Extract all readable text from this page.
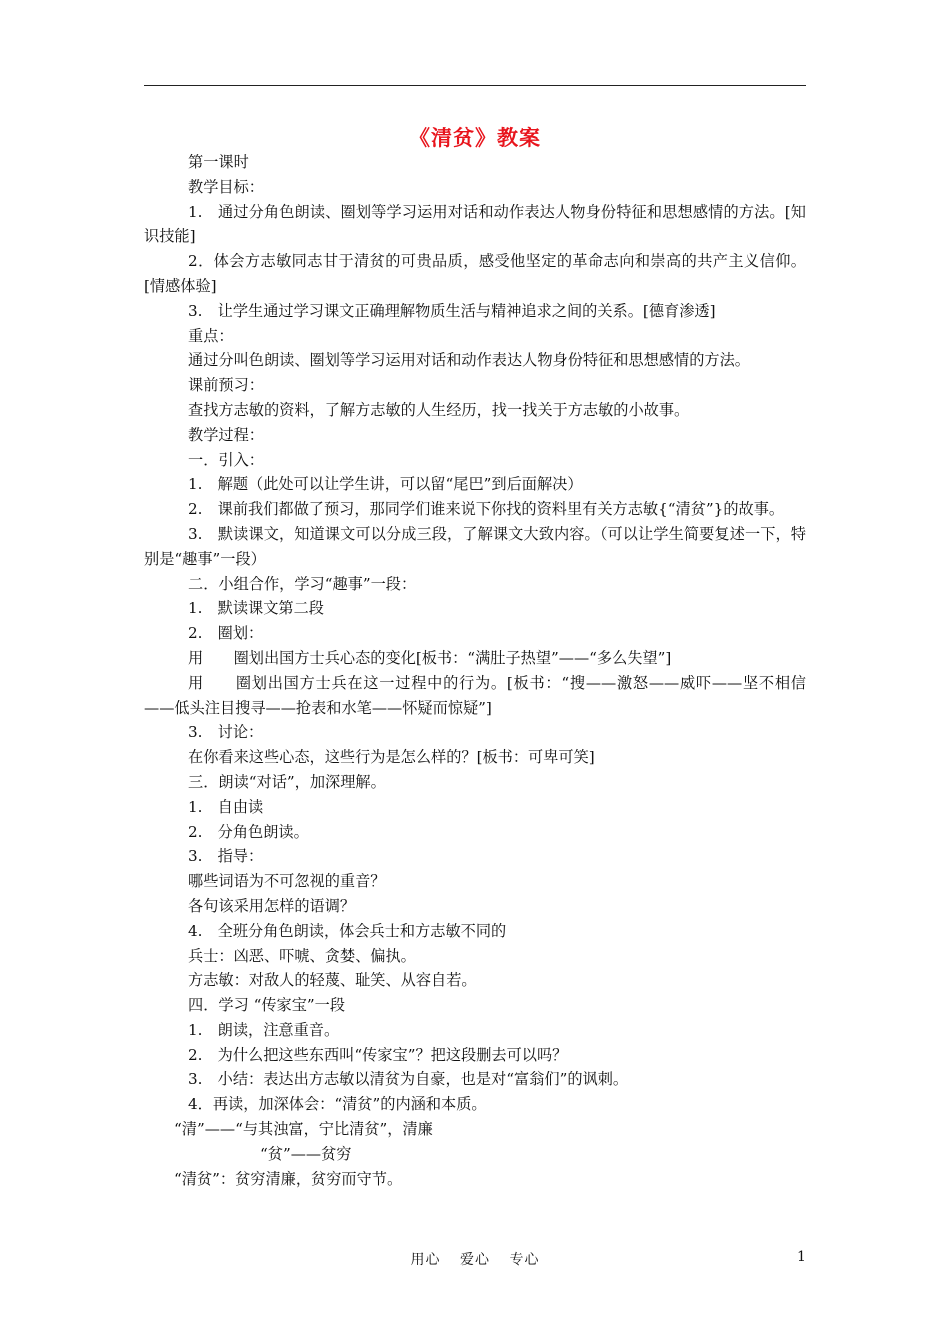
《清贫》教案

第一课时

教学目标：

1.　通过分角色朗读、圈划等学习运用对话和动作表达人物身份特征和思想感情的方法。[知识技能]

2．体会方志敏同志甘于清贫的可贵品质，感受他坚定的革命志向和崇高的共产主义信仰。[情感体验]

3.　让学生通过学习课文正确理解物质生活与精神追求之间的关系。[德育渗透]

重点：

通过分叫色朗读、圈划等学习运用对话和动作表达人物身份特征和思想感情的方法。

课前预习：

查找方志敏的资料，了解方志敏的人生经历，找一找关于方志敏的小故事。

教学过程：

一．引入：

1.　解题（此处可以让学生讲，可以留“尾巴”到后面解决）

2.　课前我们都做了预习，那同学们谁来说下你找的资料里有关方志敏{“清贫”}的故事。

3.　默读课文，知道课文可以分成三段，了解课文大致内容。（可以让学生简要复述一下，特别是“趣事”一段）

二．小组合作，学习“趣事”一段：

1.　默读课文第二段

2.　圈划：

用　　圈划出国方士兵心态的变化[板书：“满肚子热望”——“多么失望”]

用　　圈划出国方士兵在这一过程中的行为。[板书：“搜——激怒——威吓——坚不相信——低头注目搜寻——抢表和水笔——怀疑而惊疑”]

3.　讨论：

在你看来这些心态，这些行为是怎么样的？[板书：可卑可笑]

三．朗读“对话”，加深理解。

1.　自由读

2.　分角色朗读。

3.　指导：

哪些词语为不可忽视的重音？

各句该采用怎样的语调？

4.　全班分角色朗读，体会兵士和方志敏不同的

兵士：凶恶、吓唬、贪婪、偏执。

方志敏：对敌人的轻蔑、耻笑、从容自若。

四．学习 “传家宝”一段

1.　朗读，注意重音。

2.　为什么把这些东西叫“传家宝”？把这段删去可以吗？

3.　小结：表达出方志敏以清贫为自豪，也是对“富翁们”的讽刺。

4．再读，加深体会：“清贫”的内涵和本质。

“清”——“与其浊富，宁比清贫”，清廉

“贫”——贫穷

“清贫”：贫穷清廉，贫穷而守节。

用心 爱心 专心	1
